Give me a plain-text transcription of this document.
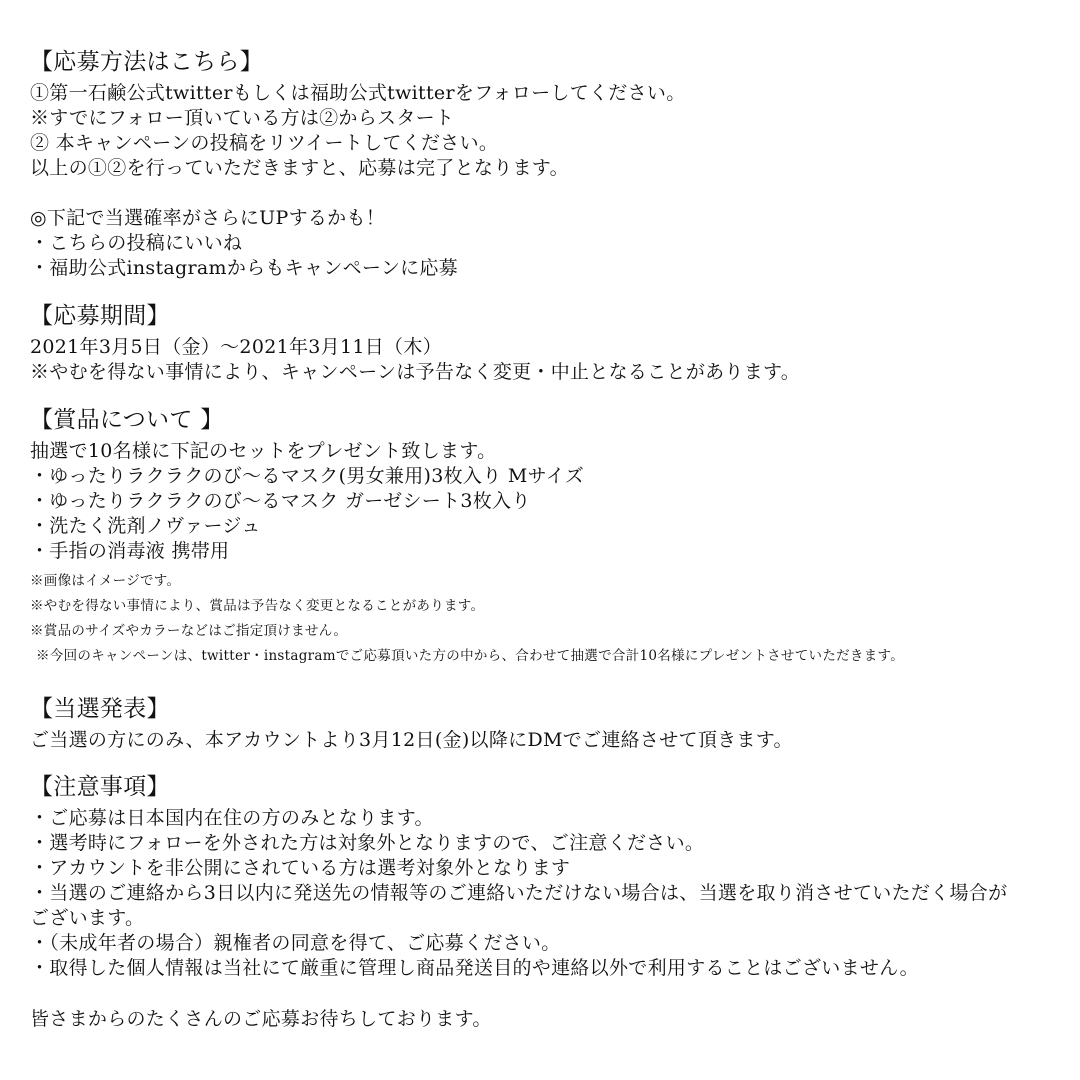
【応募方法はこちら】

①第一石鹸公式twitterもしくは福助公式twitterをフォローしてください。

※すでにフォロー頂いている方は②からスタート

② 本キャンペーンの投稿をリツイートしてください。

以上の①②を行っていただきますと、応募は完了となります。

◎下記で当選確率がさらにUPするかも！

・こちらの投稿にいいね

・福助公式instagramからもキャンペーンに応募

【応募期間】

2021年3月5日（金）～2021年3月11日（木）

※やむを得ない事情により、キャンペーンは予告なく変更・中止となることがあります。

【賞品について 】

抽選で10名様に下記のセットをプレゼント致します。

・ゆったりラクラクのび～るマスク(男女兼用)3枚入り Mサイズ

・ゆったりラクラクのび～るマスク ガーゼシート3枚入り

・洗たく洗剤ノヴァージュ

・手指の消毒液 携帯用

※画像はイメージです。

※やむを得ない事情により、賞品は予告なく変更となることがあります。

※賞品のサイズやカラーなどはご指定頂けません。

※今回のキャンペーンは、twitter・instagramでご応募頂いた方の中から、合わせて抽選で合計10名様にプレゼントさせていただきます。

【当選発表】

ご当選の方にのみ、本アカウントより3月12日(金)以降にDMでご連絡させて頂きます。

【注意事項】

・ご応募は日本国内在住の方のみとなります。

・選考時にフォローを外された方は対象外となりますので、ご注意ください。

・アカウントを非公開にされている方は選考対象外となります

・当選のご連絡から3日以内に発送先の情報等のご連絡いただけない場合は、当選を取り消させていただく場合が

ございます。

・（未成年者の場合）親権者の同意を得て、ご応募ください。

・取得した個人情報は当社にて厳重に管理し商品発送目的や連絡以外で利用することはございません。

皆さまからのたくさんのご応募お待ちしております。
